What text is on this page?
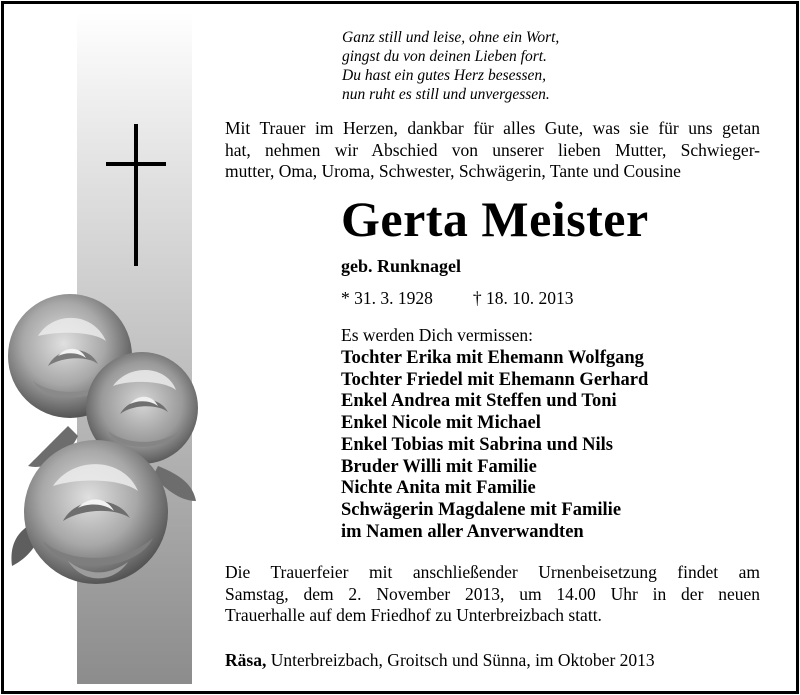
Ganz still und leise, ohne ein Wort,
gingst du von deinen Lieben fort.
Du hast ein gutes Herz besessen,
nun ruht es still und unvergessen.
Mit Trauer im Herzen, dankbar für alles Gute, was sie für uns getan
hat, nehmen wir Abschied von unserer lieben Mutter, Schwieger-
mutter, Oma, Uroma, Schwester, Schwägerin, Tante und Cousine
Gerta Meister
geb. Runknagel
* 31. 3. 1928 † 18. 10. 2013
Es werden Dich vermissen:
Tochter Erika mit Ehemann Wolfgang
Tochter Friedel mit Ehemann Gerhard
Enkel Andrea mit Steffen und Toni
Enkel Nicole mit Michael
Enkel Tobias mit Sabrina und Nils
Bruder Willi mit Familie
Nichte Anita mit Familie
Schwägerin Magdalene mit Familie
im Namen aller Anverwandten
Die Trauerfeier mit anschließender Urnenbeisetzung findet am
Samstag, dem 2. November 2013, um 14.00 Uhr in der neuen
Trauerhalle auf dem Friedhof zu Unterbreizbach statt.
Räsa, Unterbreizbach, Groitsch und Sünna, im Oktober 2013
